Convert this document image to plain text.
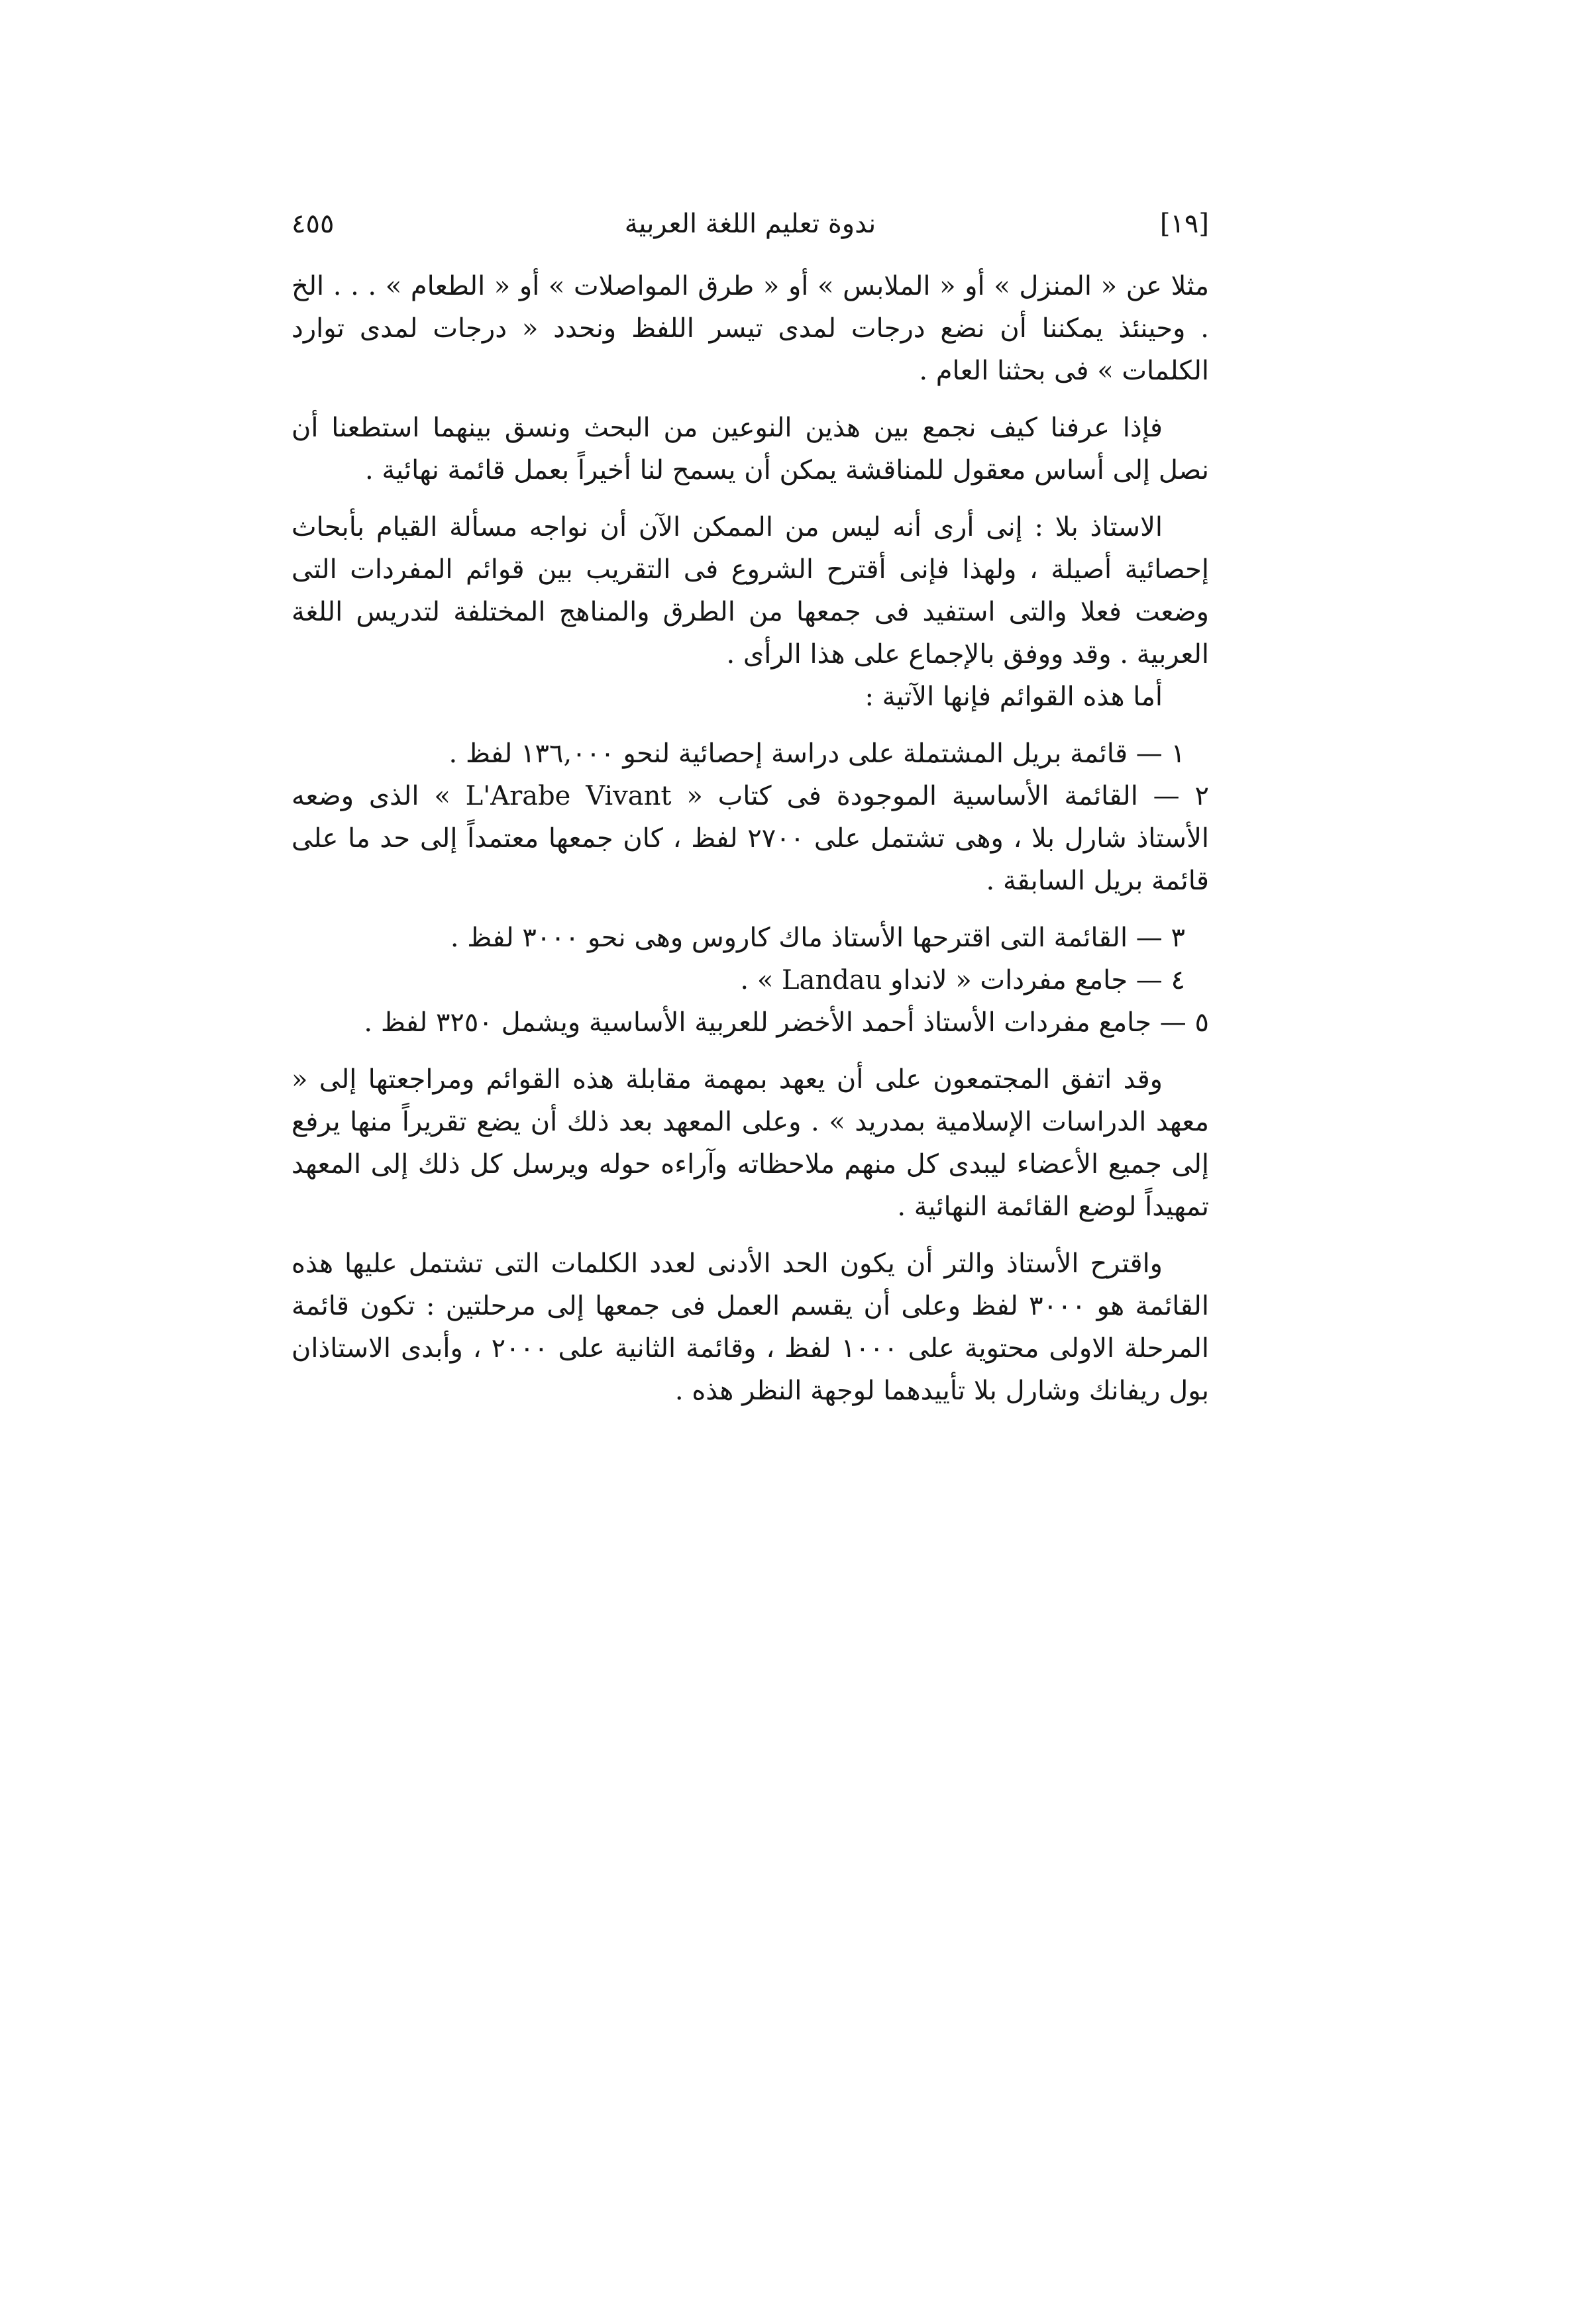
[١٩]
ندوة تعليم اللغة العربية
٤٥٥

مثلا عن « المنزل » أو « الملابس » أو « طرق المواصلات » أو « الطعام » . . . الخ . وحينئذ يمكننا أن نضع درجات لمدى تيسر اللفظ ونحدد « درجات لمدى توارد الكلمات » فى بحثنا العام .

فإذا عرفنا كيف نجمع بين هذين النوعين من البحث ونسق بينهما استطعنا أن نصل إلى أساس معقول للمناقشة يمكن أن يسمح لنا أخيراً بعمل قائمة نهائية .

الاستاذ بلا : إنى أرى أنه ليس من الممكن الآن أن نواجه مسألة القيام بأبحاث إحصائية أصيلة ، ولهذا فإنى أقترح الشروع فى التقريب بين قوائم المفردات التى وضعت فعلا والتى استفيد فى جمعها من الطرق والمناهج المختلفة لتدريس اللغة العربية . وقد ووفق بالإجماع على هذا الرأى .

أما هذه القوائم فإنها الآتية :

١ — قائمة بريل المشتملة على دراسة إحصائية لنحو ١٣٦,٠٠٠ لفظ .

٢ — القائمة الأساسية الموجودة فى كتاب « L'Arabe Vivant » الذى وضعه الأستاذ شارل بلا ، وهى تشتمل على ٢٧٠٠ لفظ ، كان جمعها معتمداً إلى حد ما على قائمة بريل السابقة .

٣ — القائمة التى اقترحها الأستاذ ماك كاروس وهى نحو ٣٠٠٠ لفظ .

٤ — جامع مفردات « لانداو Landau » .

٥ — جامع مفردات الأستاذ أحمد الأخضر للعربية الأساسية ويشمل ٣٢٥٠ لفظ .

وقد اتفق المجتمعون على أن يعهد بمهمة مقابلة هذه القوائم ومراجعتها إلى « معهد الدراسات الإسلامية بمدريد » . وعلى المعهد بعد ذلك أن يضع تقريراً منها يرفع إلى جميع الأعضاء ليبدى كل منهم ملاحظاته وآراءه حوله ويرسل كل ذلك إلى المعهد تمهيداً لوضع القائمة النهائية .

واقترح الأستاذ والتر أن يكون الحد الأدنى لعدد الكلمات التى تشتمل عليها هذه القائمة هو ٣٠٠٠ لفظ وعلى أن يقسم العمل فى جمعها إلى مرحلتين : تكون قائمة المرحلة الاولى محتوية على ١٠٠٠ لفظ ، وقائمة الثانية على ٢٠٠٠ ، وأبدى الاستاذان بول ريفانك وشارل بلا تأييدهما لوجهة النظر هذه .
